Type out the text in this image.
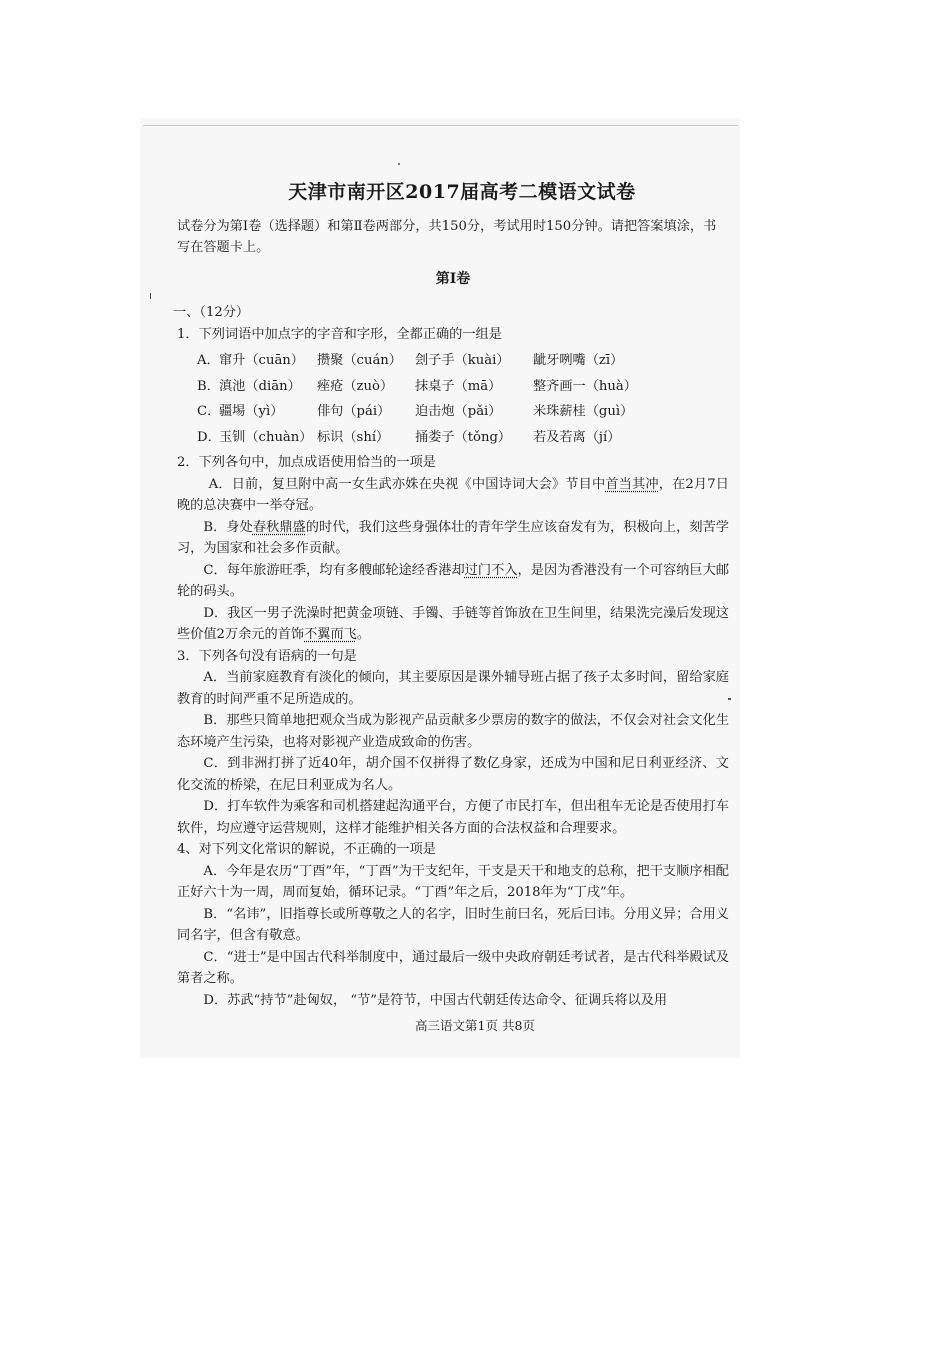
天津市南开区2017届高考二模语文试卷

试卷分为第Ⅰ卷（选择题）和第Ⅱ卷两部分，共150分，考试用时150分钟。请把答案填涂，书写在答题卡上。

第Ⅰ卷
一、（12分）

1．下列词语中加点字的字音和字形，全都正确的一组是

A． 窜升（cuān） 攒聚（cuán） 刽子手（kuài）	龇牙咧嘴（zī）
B． 滇池（diān）	痤疮（zuò）	抹桌子（mā）	整齐画一（huà）
C．
疆埸（yì）	俳句（pái）	迫击炮（pǎi）	米珠薪桂（guì）
D．
玉钏（chuàn） 标识（shí）	捅娄子（tǒng）	若及若离（jí）

2．下列各句中，加点成语使用恰当的一项是

A．日前，复旦附中高一女生武亦姝在央视《中国诗词大会》节目中首当其冲，在2月7日晚的总决赛中一举夺冠。

B．身处春秋鼎盛的时代，我们这些身强体壮的青年学生应该奋发有为，积极向上，刻苦学习，为国家和社会多作贡献。

C．每年旅游旺季，均有多艘邮轮途经香港却过门不入，是因为香港没有一个可容纳巨大邮轮的码头。

D．我区一男子洗澡时把黄金项链、手镯、手链等首饰放在卫生间里，结果洗完澡后发现这些价值2万余元的首饰不翼而飞。

3．下列各句没有语病的一句是

A．当前家庭教育有淡化的倾向，其主要原因是课外辅导班占据了孩子太多时间，留给家庭教育的时间严重不足所造成的。

B．那些只简单地把观众当成为影视产品贡献多少票房的数字的做法，不仅会对社会文化生态环境产生污染，也将对影视产业造成致命的伤害。

C．到非洲打拼了近40年，胡介国不仅拼得了数亿身家，还成为中国和尼日利亚经济、文化交流的桥梁，在尼日利亚成为名人。

D．打车软件为乘客和司机搭建起沟通平台，方便了市民打车，但出租车无论是否使用打车软件，均应遵守运营规则，这样才能维护相关各方面的合法权益和合理要求。

4、对下列文化常识的解说，不正确的一项是

A．今年是农历“丁酉”年，“丁酉”为干支纪年，干支是天干和地支的总称，把干支顺序相配正好六十为一周，周而复始，循环记录。“丁酉”年之后，2018年为“丁戌”年。

B．“名讳”，旧指尊长或所尊敬之人的名字，旧时生前曰名，死后曰讳。分用义异；合用义同名字，但含有敬意。

C．“进士”是中国古代科举制度中，通过最后一级中央政府朝廷考试者，是古代科举殿试及第者之称。

D．苏武“持节”赴匈奴， “节”是符节，中国古代朝廷传达命令、征调兵将以及用

高三语文第1页 共8页
